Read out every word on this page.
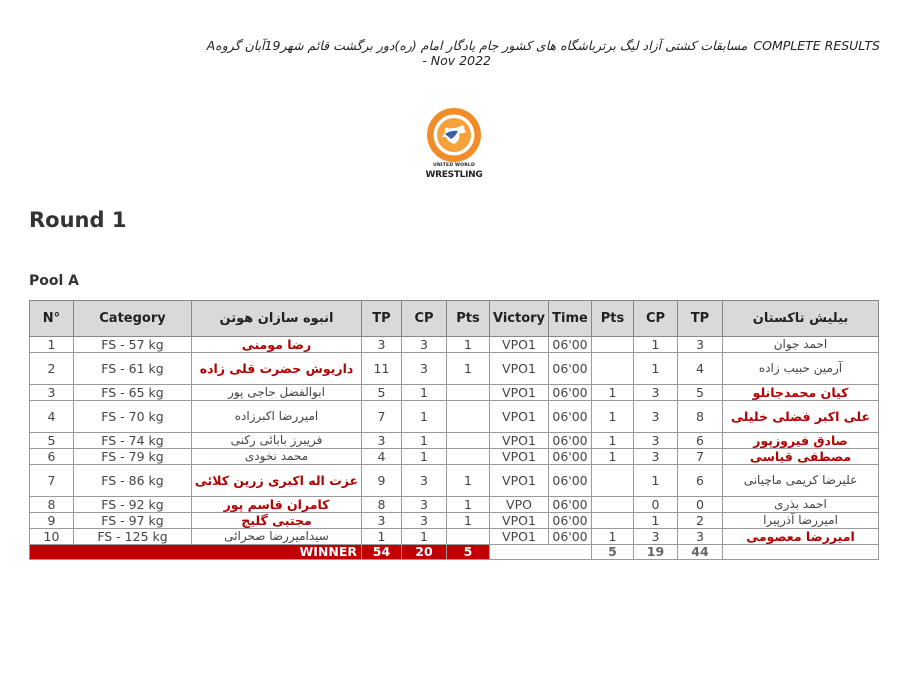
مسابقات کشتی آزاد لیگ برترباشگاه های کشور جام یادگار امام (ره)دور برگشت قائم شهر19آبان گروهA COMPLETE RESULTS
- Nov 2022
UNITED WORLD
WRESTLING
Round 1
Pool A
N°	Category	انبوه سازان هوتن	TP	CP	Pts	Victory	Time	Pts	CP	TP	بیلیش تاکستان
1	FS - 57 kg	رضا مومنی	3	3	1	VPO1	06'00		1	3	احمد جوان
2	FS - 61 kg	داریوش حضرت قلی زاده	11	3	1	VPO1	06'00		1	4	آرمین حبیب زاده
3	FS - 65 kg	ابوالفضل حاجی پور	5	1		VPO1	06'00	1	3	5	کیان محمدجانلو
4	FS - 70 kg	امیررضا اکبرزاده	7	1		VPO1	06'00	1	3	8	علی اکبر فضلی خلیلی
5	FS - 74 kg	فریبرز بابائی رکنی	3	1		VPO1	06'00	1	3	6	صادق فیروزپور
6	FS - 79 kg	محمد نخودی	4	1		VPO1	06'00	1	3	7	مصطفی قیاسی
7	FS - 86 kg	عزت اله اکبری زرین کلائی	9	3	1	VPO1	06'00		1	6	علیرضا کریمی ماچیانی
8	FS - 92 kg	کامران قاسم پور	8	3	1	VPO	06'00		0	0	احمد بذری
9	FS - 97 kg	مجتبی گلیج	3	3	1	VPO1	06'00		1	2	امیررضا آذرپیرا
10	FS - 125 kg	سیدامیررضا صحرائی	1	1		VPO1	06'00	1	3	3	امیررضا معصومی
WINNER			54	20	5			5	19	44	
